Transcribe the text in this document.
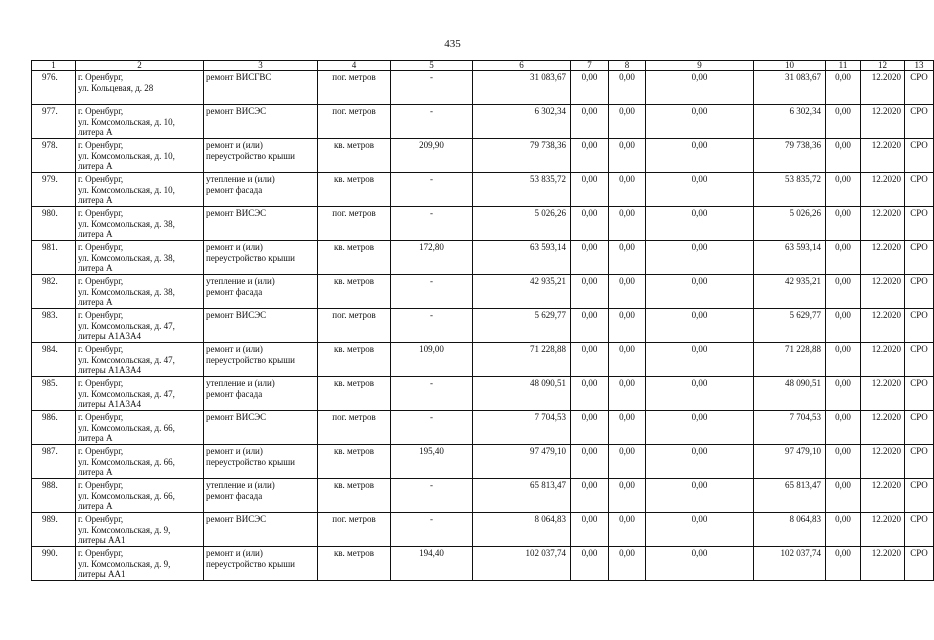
435
1	2	3	4	5	6	7	8	9	10	11	12	13
976.	г. Оренбург,
ул. Кольцевая, д. 28	ремонт ВИСГВС	пог. метров	-	31 083,67	0,00	0,00	0,00	31 083,67	0,00	12.2020	СРО
977.	г. Оренбург,
ул. Комсомольская, д. 10,
литера А	ремонт ВИСЭС	пог. метров	-	6 302,34	0,00	0,00	0,00	6 302,34	0,00	12.2020	СРО
978.	г. Оренбург,
ул. Комсомольская, д. 10,
литера А	ремонт и (или)
переустройство крыши	кв. метров	209,90	79 738,36	0,00	0,00	0,00	79 738,36	0,00	12.2020	СРО
979.	г. Оренбург,
ул. Комсомольская, д. 10,
литера А	утепление и (или)
ремонт фасада	кв. метров	-	53 835,72	0,00	0,00	0,00	53 835,72	0,00	12.2020	СРО
980.	г. Оренбург,
ул. Комсомольская, д. 38,
литера А	ремонт ВИСЭС	пог. метров	-	5 026,26	0,00	0,00	0,00	5 026,26	0,00	12.2020	СРО
981.	г. Оренбург,
ул. Комсомольская, д. 38,
литера А	ремонт и (или)
переустройство крыши	кв. метров	172,80	63 593,14	0,00	0,00	0,00	63 593,14	0,00	12.2020	СРО
982.	г. Оренбург,
ул. Комсомольская, д. 38,
литера А	утепление и (или)
ремонт фасада	кв. метров	-	42 935,21	0,00	0,00	0,00	42 935,21	0,00	12.2020	СРО
983.	г. Оренбург,
ул. Комсомольская, д. 47,
литеры А1А3А4	ремонт ВИСЭС	пог. метров	-	5 629,77	0,00	0,00	0,00	5 629,77	0,00	12.2020	СРО
984.	г. Оренбург,
ул. Комсомольская, д. 47,
литеры А1А3А4	ремонт и (или)
переустройство крыши	кв. метров	109,00	71 228,88	0,00	0,00	0,00	71 228,88	0,00	12.2020	СРО
985.	г. Оренбург,
ул. Комсомольская, д. 47,
литеры А1А3А4	утепление и (или)
ремонт фасада	кв. метров	-	48 090,51	0,00	0,00	0,00	48 090,51	0,00	12.2020	СРО
986.	г. Оренбург,
ул. Комсомольская, д. 66,
литера А	ремонт ВИСЭС	пог. метров	-	7 704,53	0,00	0,00	0,00	7 704,53	0,00	12.2020	СРО
987.	г. Оренбург,
ул. Комсомольская, д. 66,
литера А	ремонт и (или)
переустройство крыши	кв. метров	195,40	97 479,10	0,00	0,00	0,00	97 479,10	0,00	12.2020	СРО
988.	г. Оренбург,
ул. Комсомольская, д. 66,
литера А	утепление и (или)
ремонт фасада	кв. метров	-	65 813,47	0,00	0,00	0,00	65 813,47	0,00	12.2020	СРО
989.	г. Оренбург,
ул. Комсомольская, д. 9,
литеры АА1	ремонт ВИСЭС	пог. метров	-	8 064,83	0,00	0,00	0,00	8 064,83	0,00	12.2020	СРО
990.	г. Оренбург,
ул. Комсомольская, д. 9,
литеры АА1	ремонт и (или)
переустройство крыши	кв. метров	194,40	102 037,74	0,00	0,00	0,00	102 037,74	0,00	12.2020	СРО
